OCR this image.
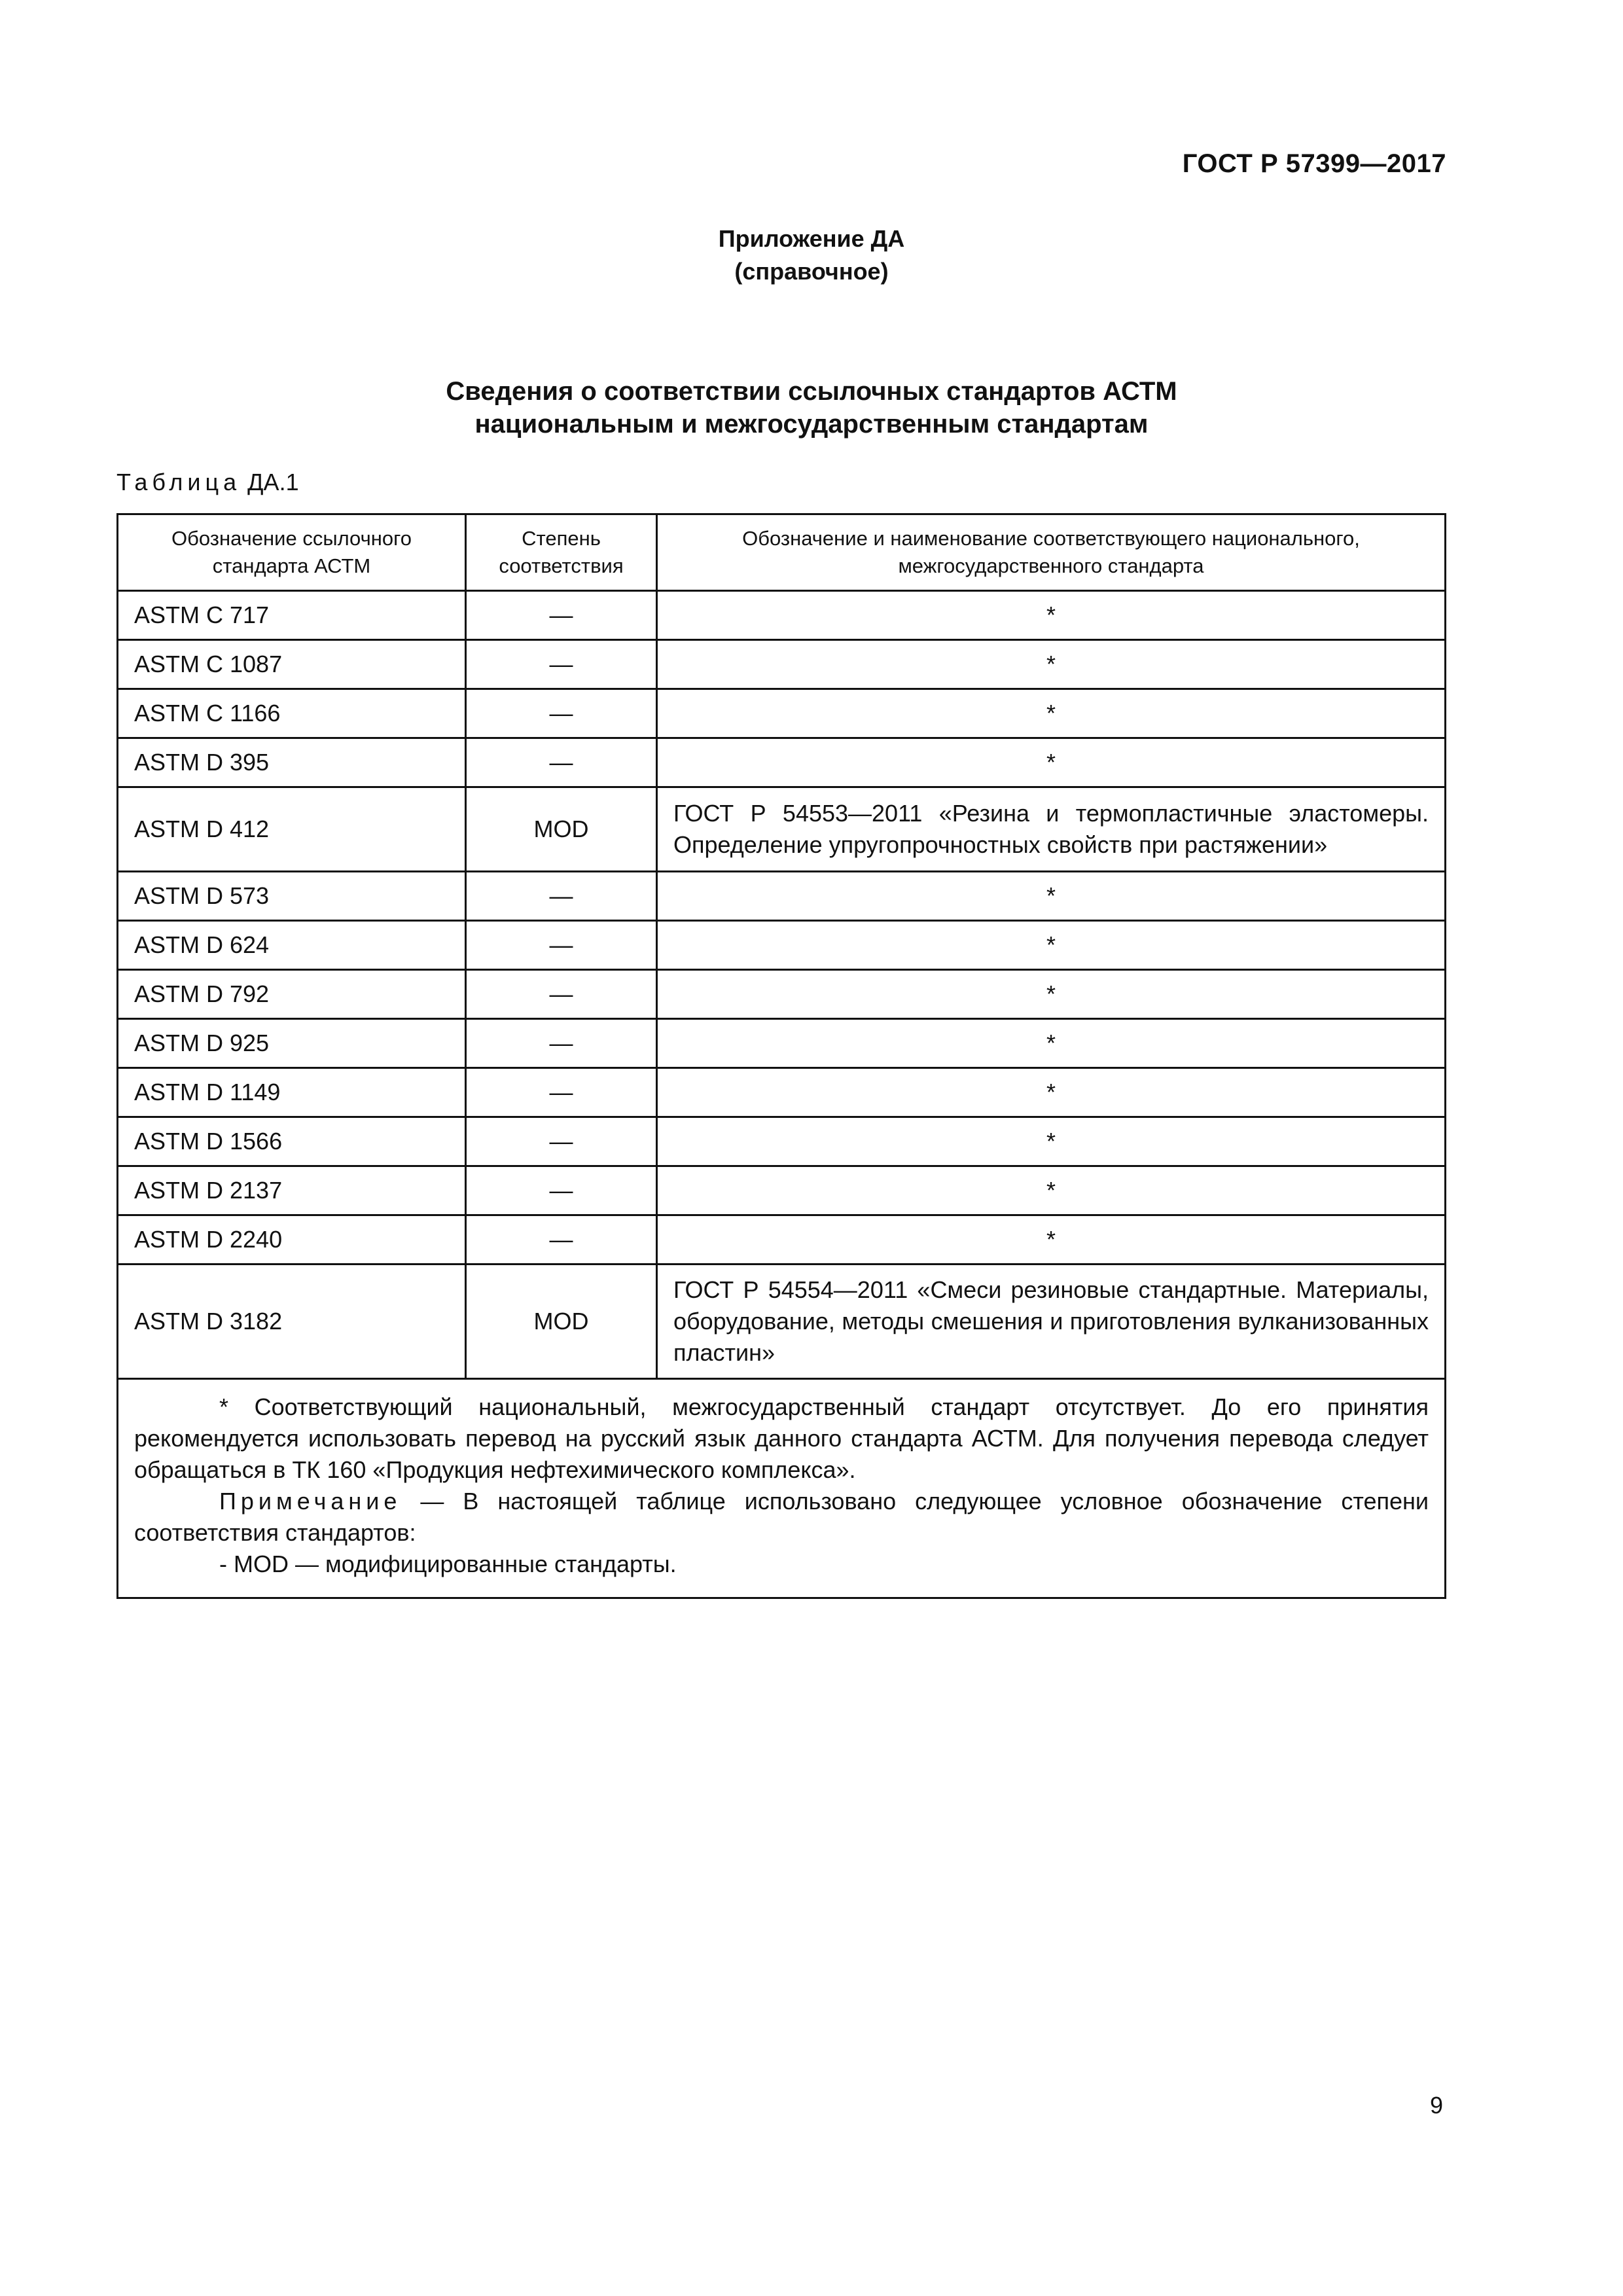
ГОСТ Р 57399—2017
Приложение ДА
(справочное)
Сведения о соответствии ссылочных стандартов АСТМ
национальным и межгосударственным стандартам
Таблица ДА.1
Обозначение ссылочного стандарта АСТМ	Степень соответствия	Обозначение и наименование соответствующего национального, межгосударственного стандарта
ASTM C 717	—	*
ASTM C 1087	—	*
ASTM C 1166	—	*
ASTM D 395	—	*
ASTM D 412	MOD	ГОСТ Р 54553—2011 «Резина и термопластичные эластомеры. Определение упругопрочностных свойств при растяжении»
ASTM D 573	—	*
ASTM D 624	—	*
ASTM D 792	—	*
ASTM D 925	—	*
ASTM D 1149	—	*
ASTM D 1566	—	*
ASTM D 2137	—	*
ASTM D 2240	—	*
ASTM D 3182	MOD	ГОСТ Р 54554—2011 «Смеси резиновые стандартные. Материалы, оборудование, методы смешения и приготовления вулканизованных пластин»

* Соответствующий национальный, межгосударственный стандарт отсутствует. До его принятия рекомендуется использовать перевод на русский язык данного стандарта АСТМ. Для получения перевода следует обращаться в ТК 160 «Продукция нефтехимического комплекса».

Примечание — В настоящей таблице использовано следующее условное обозначение степени соответствия стандартов:

- MOD — модифицированные стандарты.		

9
